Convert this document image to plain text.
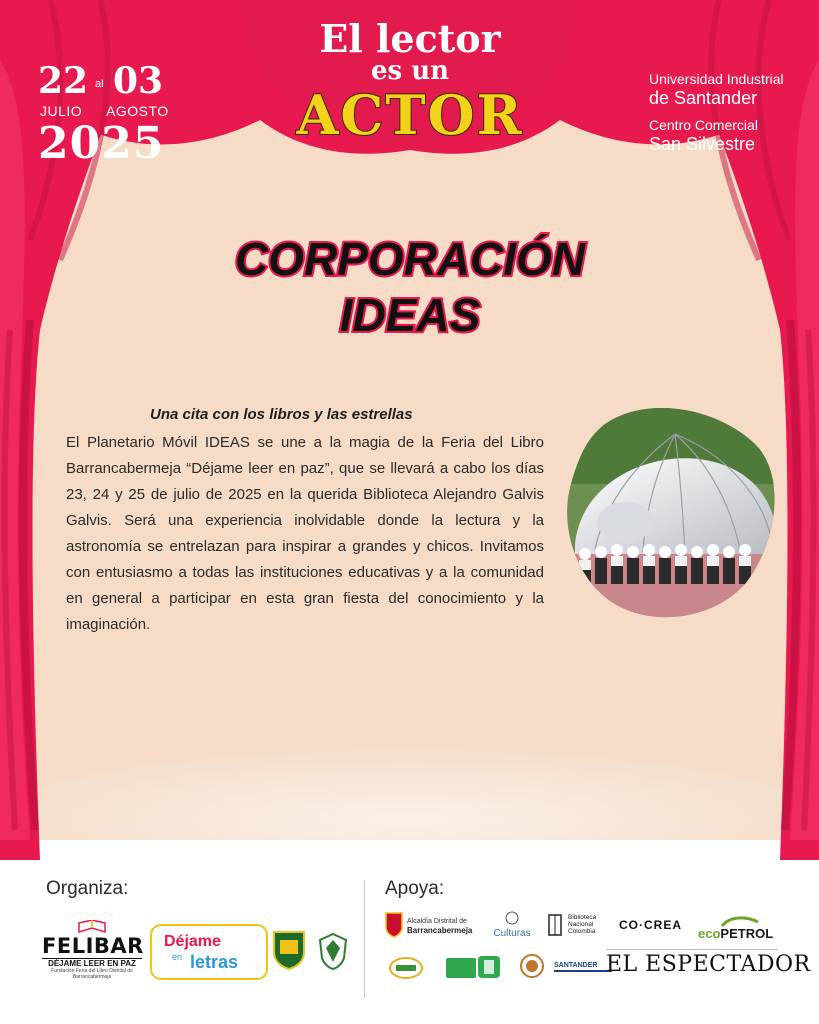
22 al 03
JULIO AGOSTO
2025
El lector
es un
ACTOR
Universidad Industrial
de Santander
Centro Comercial
San Silvestre
CORPORACIÓN
IDEAS
Una cita con los libros y las estrellas
El Planetario Móvil IDEAS se une a la magia de la Feria del Libro Barrancabermeja “Déjame leer en paz”, que se llevará a cabo los días 23, 24 y 25 de julio de 2025 en la querida Biblioteca Alejandro Galvis Galvis. Será una experiencia inolvidable donde la lectura y la astronomía se entrelazan para inspirar a grandes y chicos. Invitamos con entusiasmo a todas las instituciones educativas y a la comunidad en general a participar en esta gran fiesta del conocimiento y la imaginación.
Organiza:	Apoya:
FELIBAR
DÉJAME LEER EN PAZ
Fundación Feria del Libro Distrital de Barrancabermeja
Déjame
en letras
Alcaldía Distrital de
Barrancabermeja	Culturas
Biblioteca
Nacional
Colombia CO·CREA
ecoPETROL
SANTANDER EL ESPECTADOR
